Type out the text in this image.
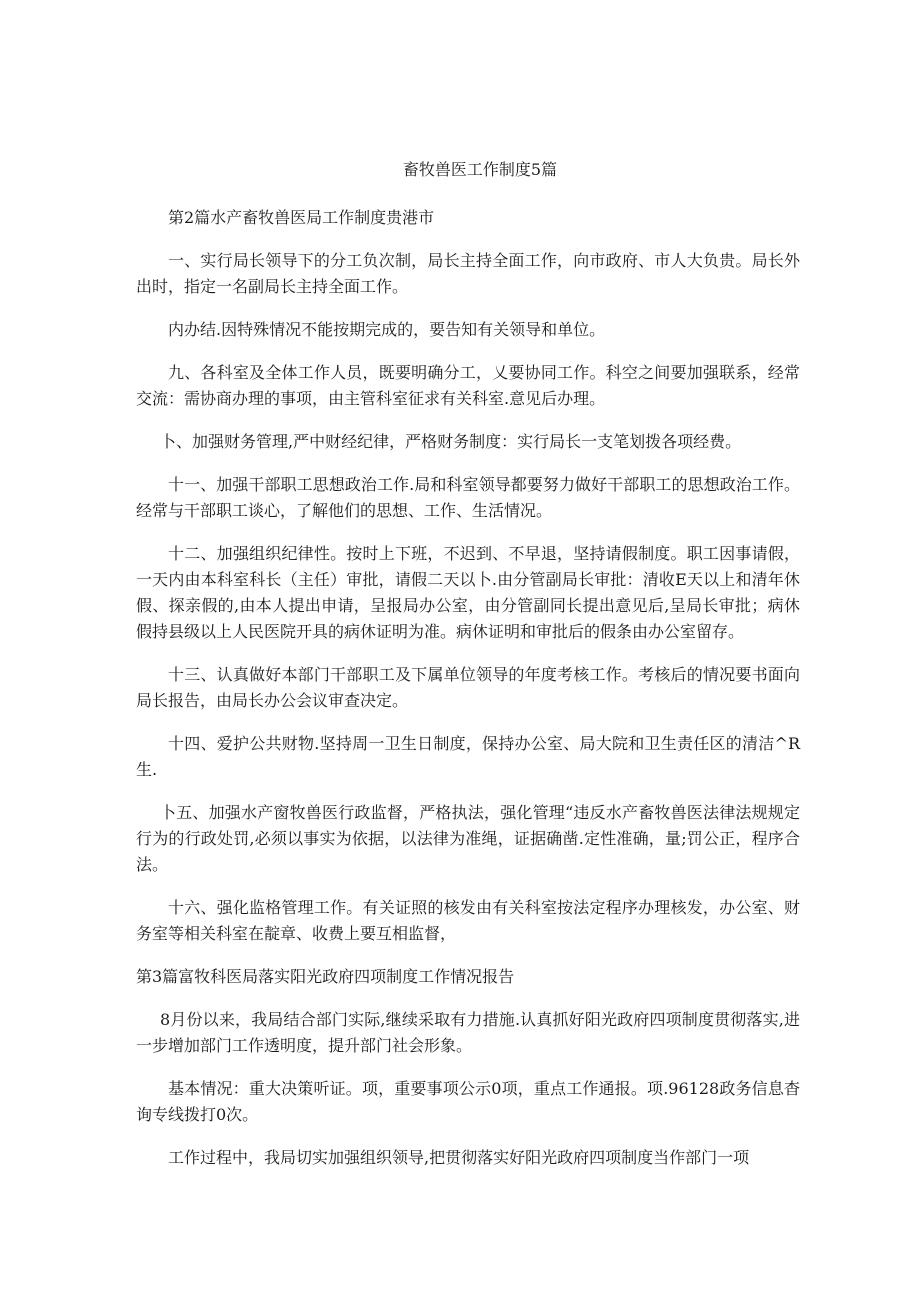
畜牧兽医工作制度5篇

第2篇水产畜牧兽医局工作制度贵港市

一、实行局长领导下的分工负次制，局长主持全面工作，向市政府、市人大负贵。局长外出时，指定一名副局长主持全面工作。

内办结.因特殊情况不能按期完成的，要告知有关领导和单位。

九、各科室及全体工作人员，既要明确分工，乂要协同工作。科空之间要加强联系，经常交流：需协商办理的事项，由主管科室征求有关科室.意见后办理。

卜、加强财务管理,严中财经纪律，严格财务制度：实行局长一支笔划拨各项经费。

十一、加强干部职工思想政治工作.局和科室领导都要努力做好干部职工的思想政治工作。经常与干部职工谈心，了解他们的思想、工作、生活情况。

十二、加强组织纪律性。按时上下班，不迟到、不早退，坚持请假制度。职工因事请假，一天内由本科室科长（主任）审批，请假二天以卜.由分管副局长审批：清收E天以上和清年休假、探亲假的,由本人提出申请，呈报局办公室，由分管副同长提出意见后,呈局长审批；病休假持县级以上人民医院开具的病休证明为准。病休证明和审批后的假条由办公室留存。

十三、认真做好本部门干部职工及下属单位领导的年度考核工作。考核后的情况要书面向局长报告，由局长办公会议审查决定。

十四、爱护公共财物.坚持周一卫生日制度，保持办公室、局大院和卫生责任区的清洁^R生.

卜五、加强水产窗牧兽医行政监督，严格执法，强化管理“违反水产畜牧兽医法律法规规定行为的行政处罚,必须以事实为依据，以法律为准绳，证据确凿.定性准确，量;罚公正，程序合法。

十六、强化监格管理工作。有关证照的核发由有关科室按法定程序办理核发，办公室、财务室等相关科室在靛章、收费上要互相监督，

第3篇富牧科医局落实阳光政府四项制度工作情况报告

8月份以来，我局结合部门实际,继续采取有力措施.认真抓好阳光政府四项制度贯彻落实,进一步增加部门工作透明度，提升部门社会形象。

基本情况：重大决策听证。项，重要事项公示0项，重点工作通报。项.96128政务信息杳询专线拨打0次。

工作过程中，我局切实加强组织领导,把贯彻落实好阳光政府四项制度当作部门一项
